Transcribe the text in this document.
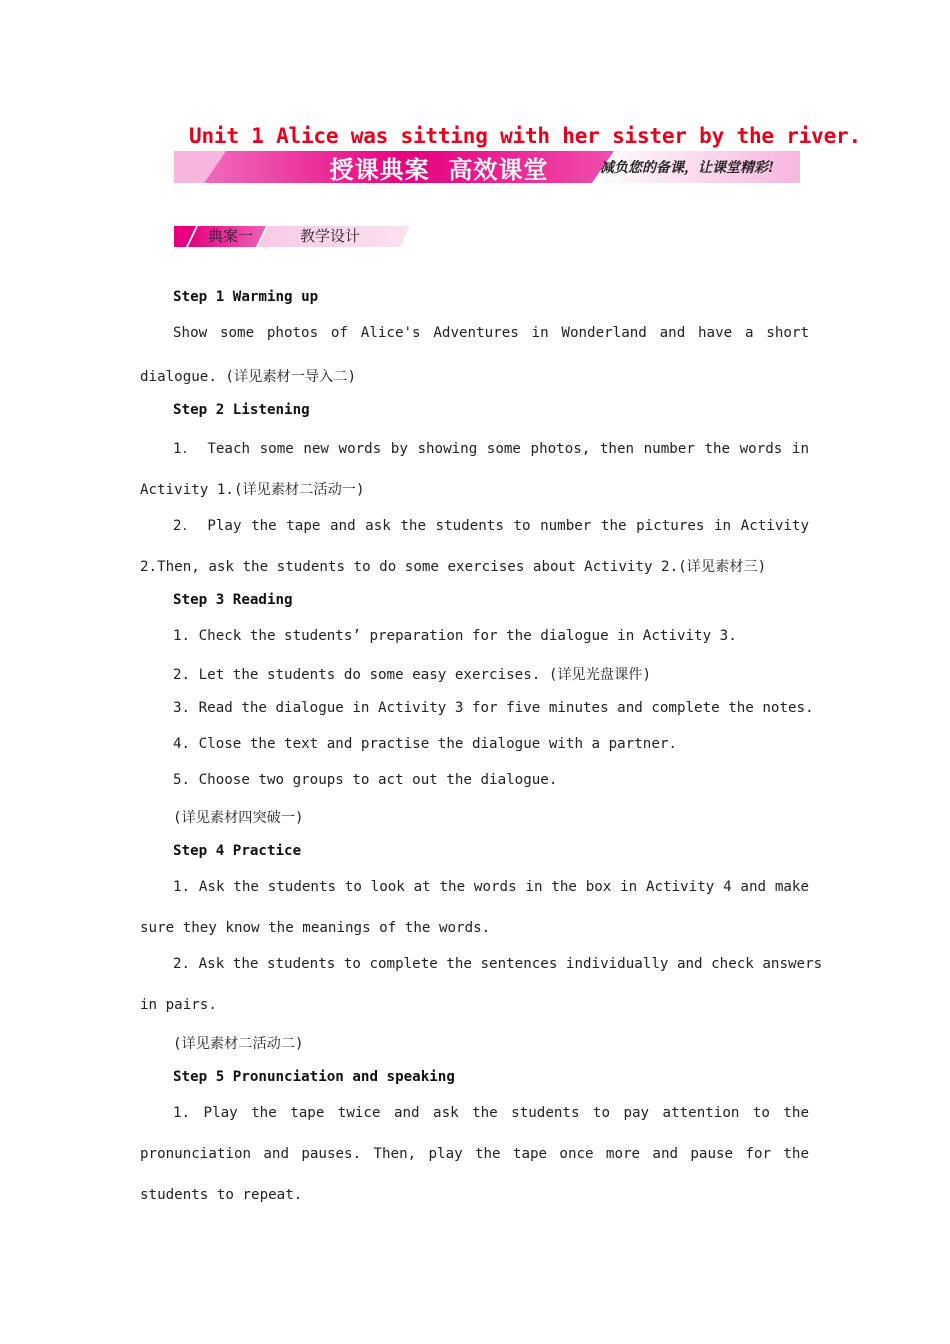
Unit 1 Alice was sitting with her sister by the river.
授课典案  高效课堂	减负您的备课，让课堂精彩!
典案一	教学设计
Step 1 Warming up
Show some photos of Alice's Adventures in Wonderland and have a short
dialogue. (详见素材一导入二)
Step 2 Listening
1． Teach some new words by showing some photos, then number the words in
Activity 1.(详见素材二活动一)
2． Play the tape and ask the students to number the pictures in Activity
2.Then, ask the students to do some exercises about Activity 2.(详见素材三)
Step 3 Reading
1. Check the students’ preparation for the dialogue in Activity 3.
2. Let the students do some easy exercises. (详见光盘课件)
3. Read the dialogue in Activity 3 for five minutes and complete the notes.
4. Close the text and practise the dialogue with a partner.
5. Choose two groups to act out the dialogue.
(详见素材四突破一)
Step 4 Practice
1. Ask the students to look at the words in the box in Activity 4 and make
sure they know the meanings of the words.
2. Ask the students to complete the sentences individually and check answers
in pairs.
(详见素材二活动二)
Step 5 Pronunciation and speaking
1. Play the tape twice and ask the students to pay attention to the
pronunciation and pauses. Then, play the tape once more and pause for the
students to repeat.
